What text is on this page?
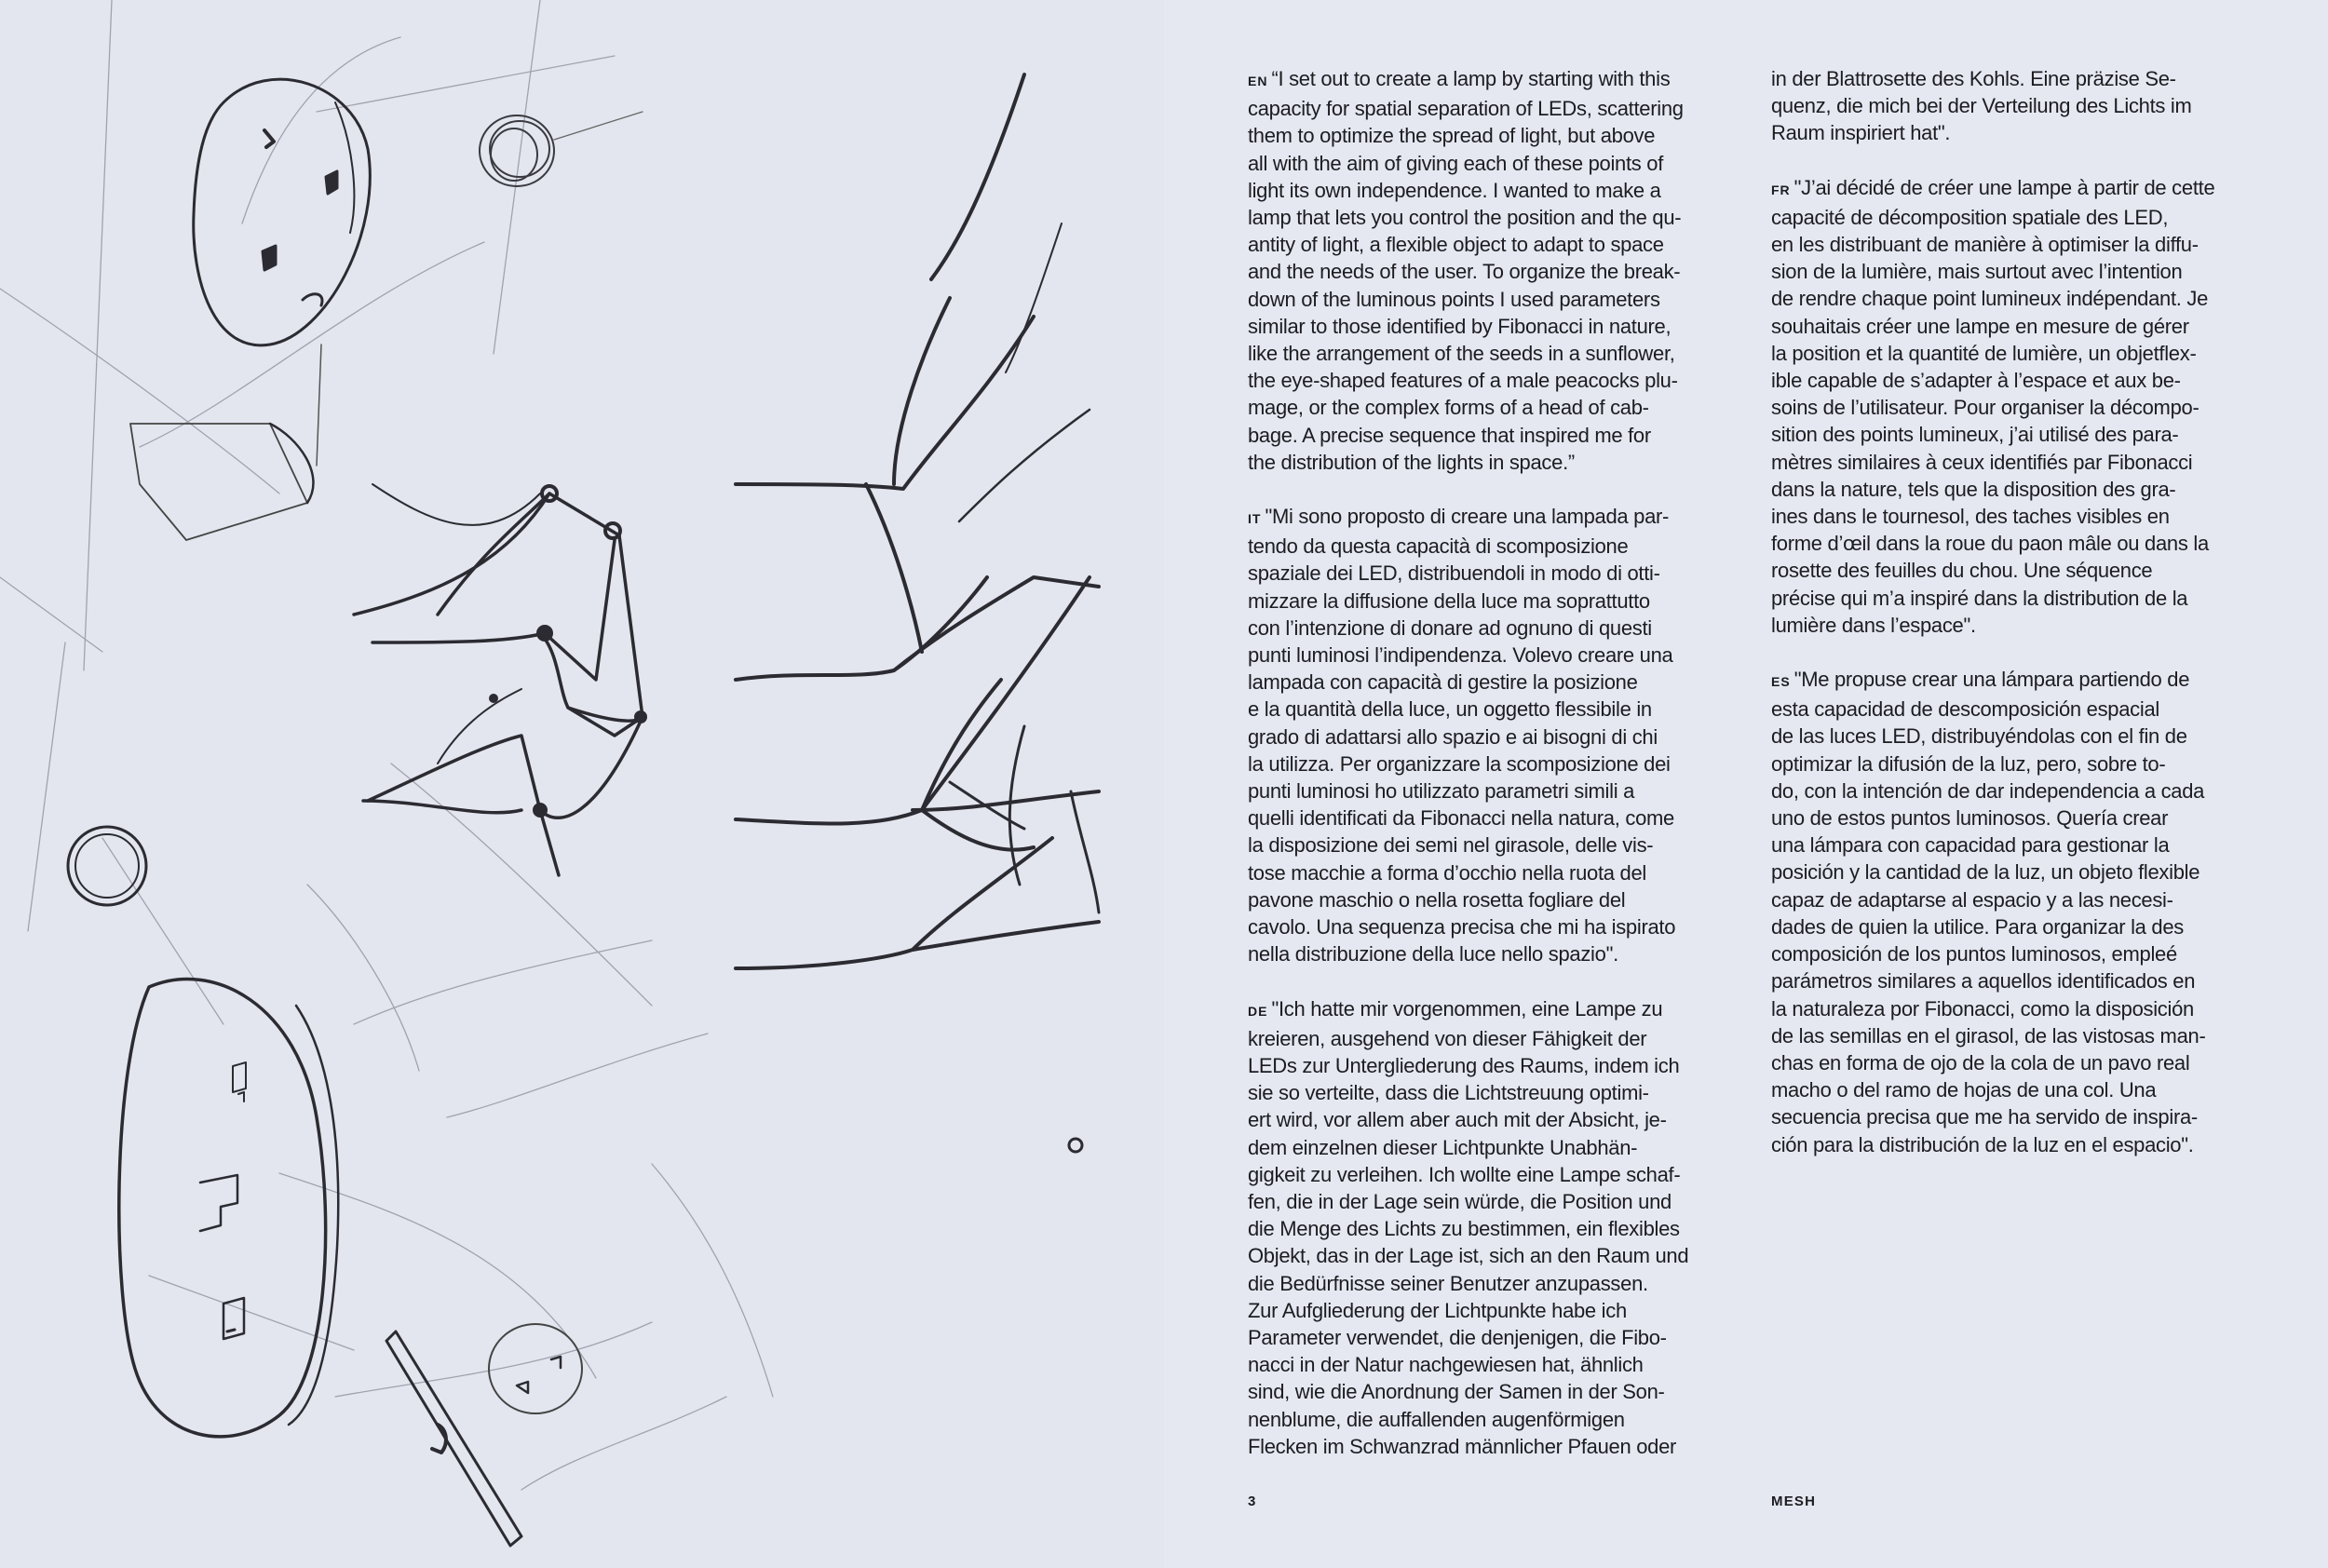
EN “I set out to create a lamp by starting with this
capacity for spatial separation of LEDs, scattering
them to optimize the spread of light, but above
all with the aim of giving each of these points of
light its own independence. I wanted to make a
lamp that lets you control the position and the qu-
antity of light, a flexible object to adapt to space
and the needs of the user. To organize the break-
down of the luminous points I used parameters
similar to those identified by Fibonacci in nature,
like the arrangement of the seeds in a sunflower,
the eye-shaped features of a male peacocks plu-
mage, or the complex forms of a head of cab-
bage. A precise sequence that inspired me for
the distribution of the lights in space.”

IT "Mi sono proposto di creare una lampada par-
tendo da questa capacità di scomposizione
spaziale dei LED, distribuendoli in modo di otti-
mizzare la diffusione della luce ma soprattutto
con l’intenzione di donare ad ognuno di questi
punti luminosi l’indipendenza. Volevo creare una
lampada con capacità di gestire la posizione
e la quantità della luce, un oggetto flessibile in
grado di adattarsi allo spazio e ai bisogni di chi
la utilizza. Per organizzare la scomposizione dei
punti luminosi ho utilizzato parametri simili a
quelli identificati da Fibonacci nella natura, come
la disposizione dei semi nel girasole, delle vis-
tose macchie a forma d’occhio nella ruota del
pavone maschio o nella rosetta fogliare del
cavolo. Una sequenza precisa che mi ha ispirato
nella distribuzione della luce nello spazio".

DE "Ich hatte mir vorgenommen, eine Lampe zu
kreieren, ausgehend von dieser Fähigkeit der
LEDs zur Untergliederung des Raums, indem ich
sie so verteilte, dass die Lichtstreuung optimi-
ert wird, vor allem aber auch mit der Absicht, je-
dem einzelnen dieser Lichtpunkte Unabhän-
gigkeit zu verleihen. Ich wollte eine Lampe schaf-
fen, die in der Lage sein würde, die Position und
die Menge des Lichts zu bestimmen, ein flexibles
Objekt, das in der Lage ist, sich an den Raum und
die Bedürfnisse seiner Benutzer anzupassen.
Zur Aufgliederung der Lichtpunkte habe ich
Parameter verwendet, die denjenigen, die Fibo-
nacci in der Natur nachgewiesen hat, ähnlich
sind, wie die Anordnung der Samen in der Son-
nenblume, die auffallenden augenförmigen
Flecken im Schwanzrad männlicher Pfauen oder

in der Blattrosette des Kohls. Eine präzise Se-
quenz, die mich bei der Verteilung des Lichts im
Raum inspiriert hat".

FR "J’ai décidé de créer une lampe à partir de cette
capacité de décomposition spatiale des LED,
en les distribuant de manière à optimiser la diffu-
sion de la lumière, mais surtout avec l’intention
de rendre chaque point lumineux indépendant. Je
souhaitais créer une lampe en mesure de gérer
la position et la quantité de lumière, un objetflex-
ible capable de s’adapter à l’espace et aux be-
soins de l’utilisateur. Pour organiser la décompo-
sition des points lumineux, j’ai utilisé des para-
mètres similaires à ceux identifiés par Fibonacci
dans la nature, tels que la disposition des gra-
ines dans le tournesol, des taches visibles en
forme d’œil dans la roue du paon mâle ou dans la
rosette des feuilles du chou. Une séquence
précise qui m’a inspiré dans la distribution de la
lumière dans l’espace".

ES "Me propuse crear una lámpara partiendo de
esta capacidad de descomposición espacial
de las luces LED, distribuyéndolas con el fin de
optimizar la difusión de la luz, pero, sobre to-
do, con la intención de dar independencia a cada
uno de estos puntos luminosos. Quería crear
una lámpara con capacidad para gestionar la
posición y la cantidad de la luz, un objeto flexible
capaz de adaptarse al espacio y a las necesi-
dades de quien la utilice. Para organizar la des
composición de los puntos luminosos, empleé
parámetros similares a aquellos identificados en
la naturaleza por Fibonacci, como la disposición
de las semillas en el girasol, de las vistosas man-
chas en forma de ojo de la cola de un pavo real
macho o del ramo de hojas de una col. Una
secuencia precisa que me ha servido de inspira-
ción para la distribución de la luz en el espacio".

3	MESH
